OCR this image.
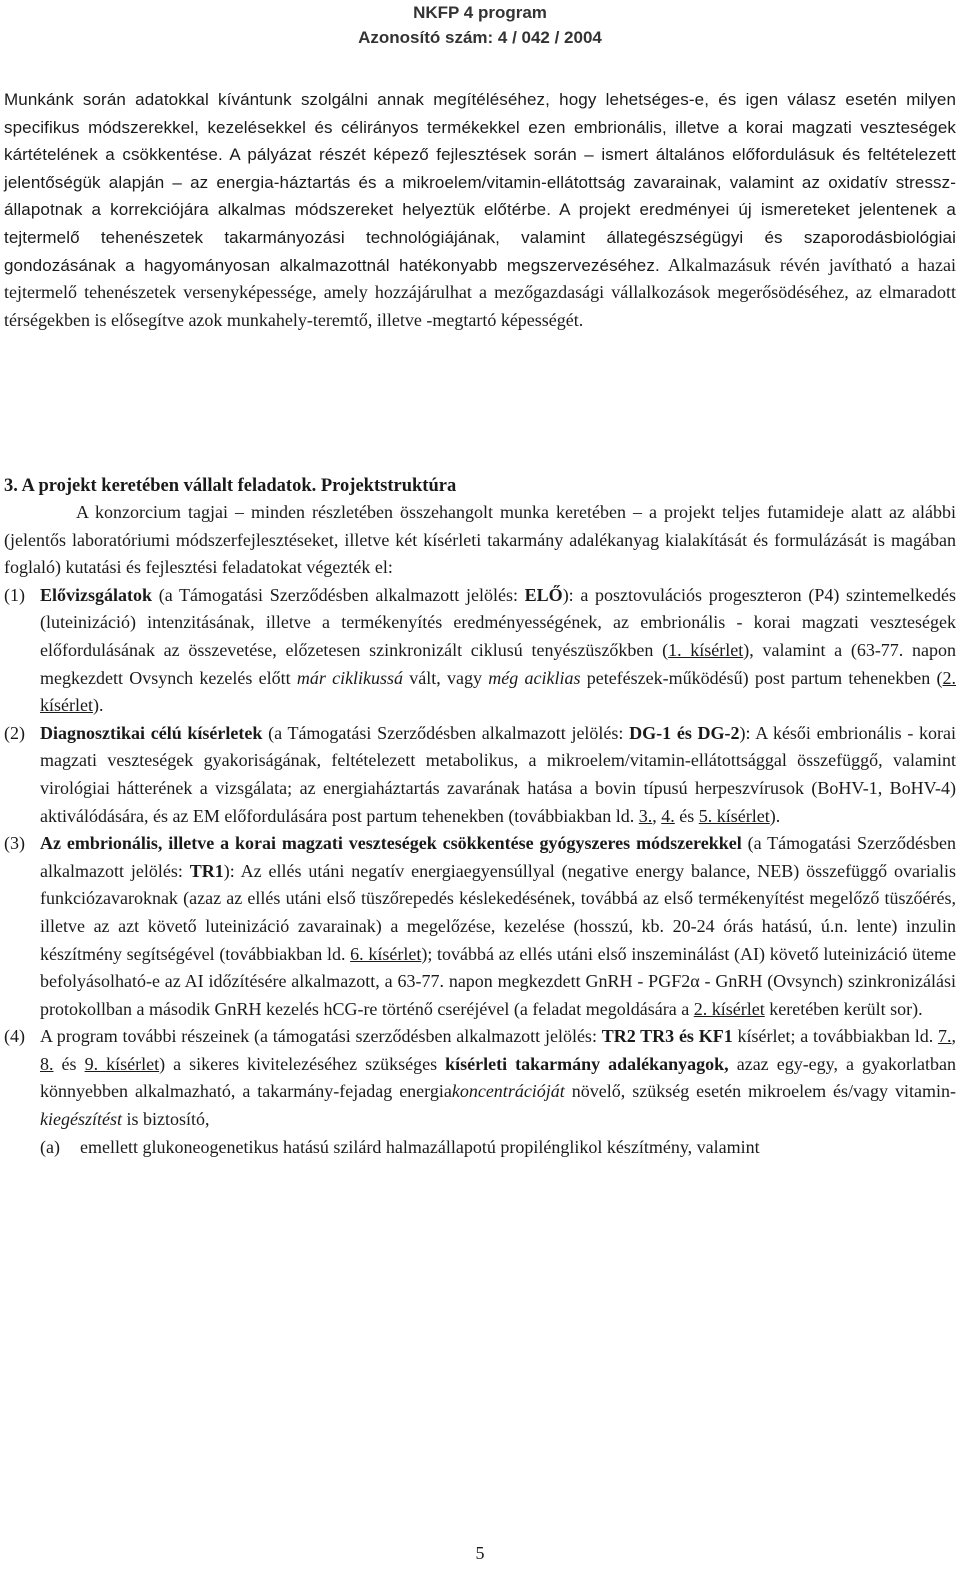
NKFP 4 program
Azonosító szám: 4 / 042 / 2004

Munkánk során adatokkal kívántunk szolgálni annak megítéléséhez, hogy lehetséges-e, és igen válasz esetén milyen specifikus módszerekkel, kezelésekkel és célirányos termékekkel ezen embrionális, illetve a korai magzati veszteségek kártételének a csökkentése. A pályázat részét képező fejlesztések során – ismert általános előfordulásuk és feltételezett jelentőségük alapján – az energia-háztartás és a mikroelem/vitamin-ellátottság zavarainak, valamint az oxidatív stressz-állapotnak a korrekciójára alkalmas módszereket helyeztük előtérbe. A projekt eredményei új ismereteket jelentenek a tejtermelő tehenészetek takarmányozási technológiájának, valamint állategészségügyi és szaporodásbiológiai gondozásának a hagyományosan alkalmazottnál hatékonyabb megszervezéséhez. Alkalmazásuk révén javítható a hazai tejtermelő tehenészetek versenyképessége, amely hozzájárulhat a mezőgazdasági vállalkozások megerősödéséhez, az elmaradott térségekben is elősegítve azok munkahely-teremtő, illetve -megtartó képességét.

3. A projekt keretében vállalt feladatok. Projektstruktúra

A konzorcium tagjai – minden részletében összehangolt munka keretében – a projekt teljes futamideje alatt az alábbi (jelentős laboratóriumi módszerfejlesztéseket, illetve két kísérleti takarmány adalékanyag kialakítását és formulázását is magában foglaló) kutatási és fejlesztési feladatokat végezték el:

(1) Elővizsgálatok (a Támogatási Szerződésben alkalmazott jelölés: ELŐ): a posztovulációs progeszteron (P4) szintemelkedés (luteinizáció) intenzitásának, illetve a termékenyítés eredményességének, az embrionális - korai magzati veszteségek előfordulásának az összevetése, előzetesen szinkronizált ciklusú tenyészüszőkben (1. kísérlet), valamint a (63-77. napon megkezdett Ovsynch kezelés előtt már ciklikussá vált, vagy még aciklias petefészek-működésű) post partum tehenekben (2. kísérlet).
(2) Diagnosztikai célú kísérletek (a Támogatási Szerződésben alkalmazott jelölés: DG-1 és DG-2): A késői embrionális - korai magzati veszteségek gyakoriságának, feltételezett metabolikus, a mikroelem/vitamin-ellátottsággal összefüggő, valamint virológiai hátterének a vizsgálata; az energiaháztartás zavarának hatása a bovin típusú herpeszvírusok (BoHV-1, BoHV-4) aktiválódására, és az EM előfordulására post partum tehenekben (továbbiakban ld. 3., 4. és 5. kísérlet).
(3) Az embrionális, illetve a korai magzati veszteségek csökkentése gyógyszeres módszerekkel (a Támogatási Szerződésben alkalmazott jelölés: TR1): Az ellés utáni negatív energiaegyensúllyal (negative energy balance, NEB) összefüggő ovarialis funkciózavaroknak (azaz az ellés utáni első tüszőrepedés késlekedésének, továbbá az első termékenyítést megelőző tüszőérés, illetve az azt követő luteinizáció zavarainak) a megelőzése, kezelése (hosszú, kb. 20-24 órás hatású, ú.n. lente) inzulin készítmény segítségével (továbbiakban ld. 6. kísérlet); továbbá az ellés utáni első inszeminálást (AI) követő luteinizáció üteme befolyásolható-e az AI időzítésére alkalmazott, a 63-77. napon megkezdett GnRH - PGF2α - GnRH (Ovsynch) szinkronizálási protokollban a második GnRH kezelés hCG-re történő cseréjével (a feladat megoldására a 2. kísérlet keretében került sor).
(4) A program további részeinek (a támogatási szerződésben alkalmazott jelölés: TR2 TR3 és KF1 kísérlet; a továbbiakban ld. 7., 8. és 9. kísérlet) a sikeres kivitelezéséhez szükséges kísérleti takarmány adalékanyagok, azaz egy-egy, a gyakorlatban könnyebben alkalmazható, a takarmány-fejadag energiakoncentrációját növelő, szükség esetén mikroelem és/vagy vitamin-kiegészítést is biztosító,
(a)	emellett glukoneogenetikus hatású szilárd halmazállapotú propilénglikol készítmény, valamint
5
